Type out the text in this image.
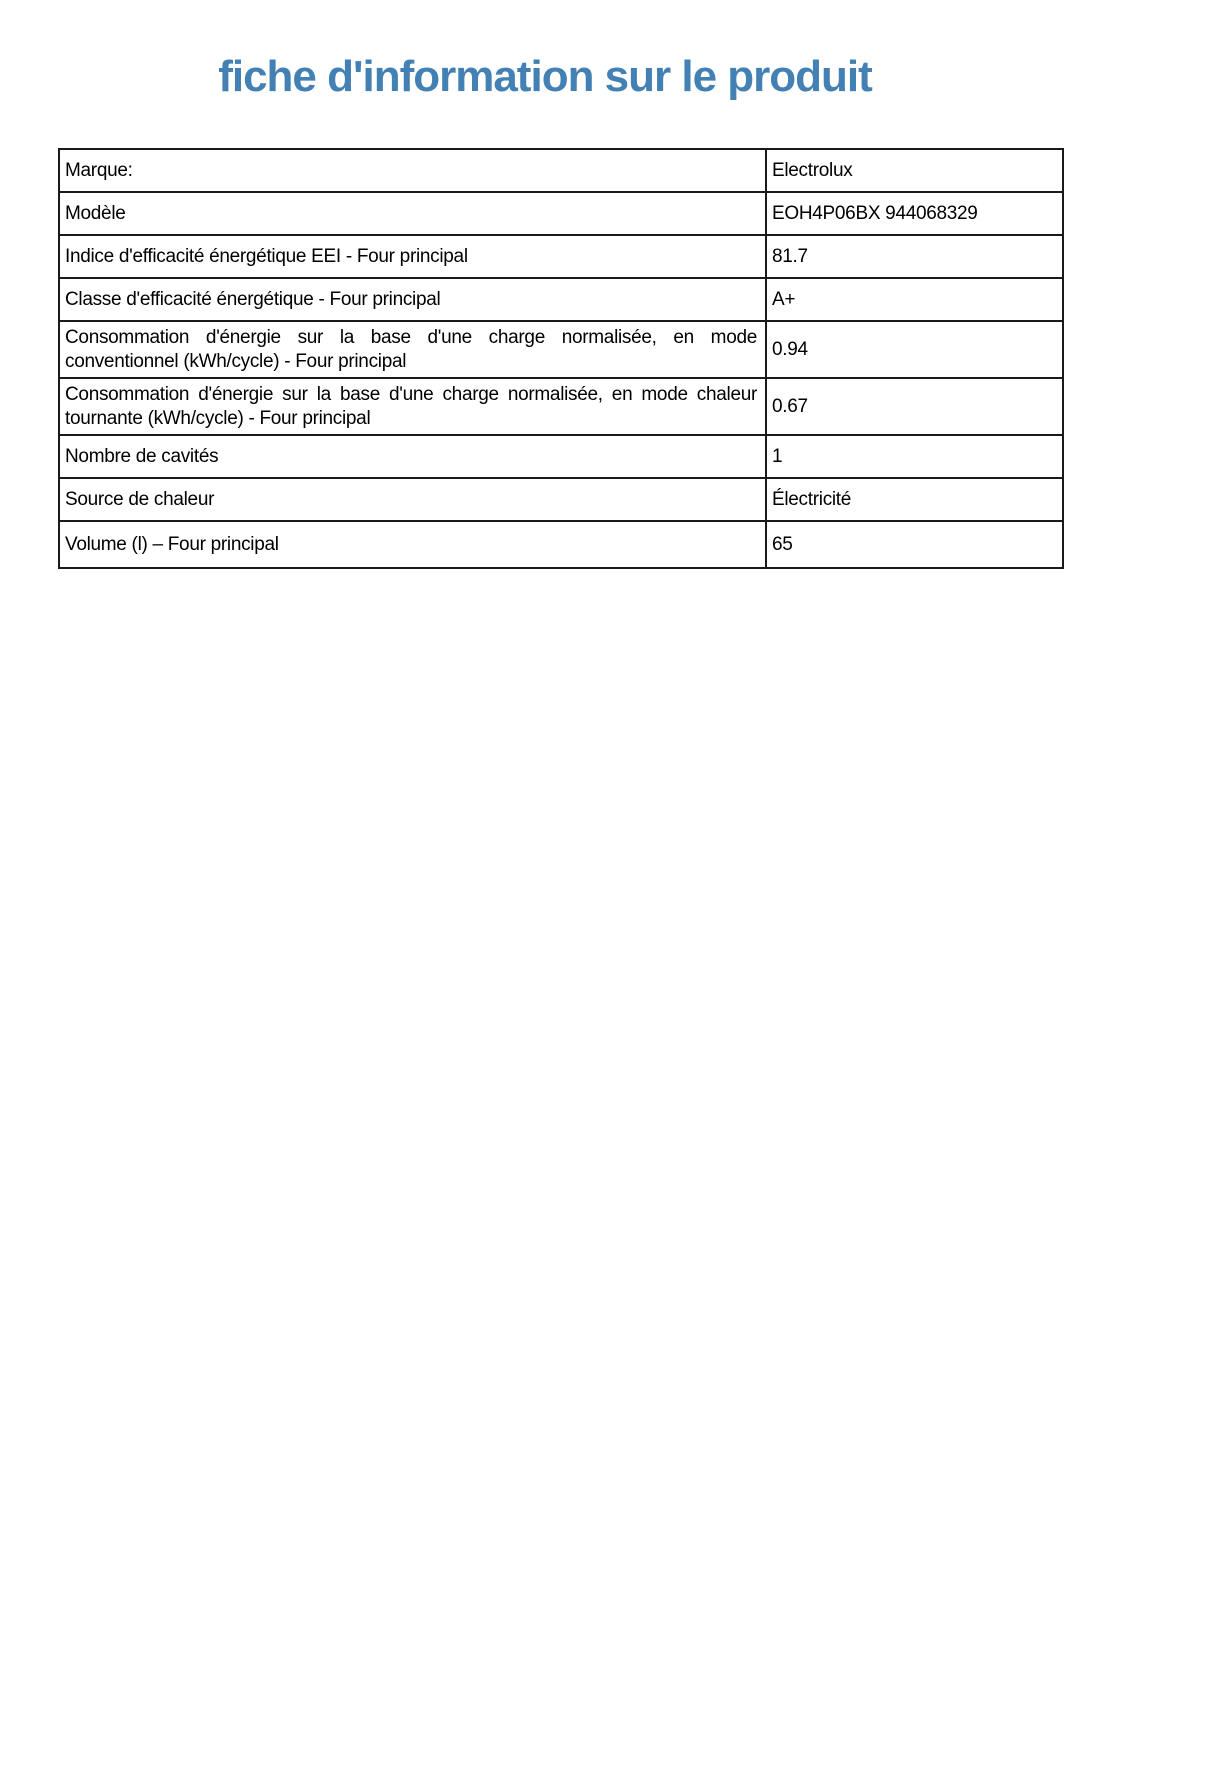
fiche d'information sur le produit
Marque:	Electrolux
Modèle	EOH4P06BX 944068329
Indice d'efficacité énergétique EEI - Four principal	81.7
Classe d'efficacité énergétique - Four principal	A+
Consommation d'énergie sur la base d'une charge normalisée, en mode conventionnel (kWh/cycle) - Four principal	0.94
Consommation d'énergie sur la base d'une charge normalisée, en mode chaleur tournante (kWh/cycle) - Four principal	0.67
Nombre de cavités	1
Source de chaleur	Électricité
Volume (l) – Four principal	65
